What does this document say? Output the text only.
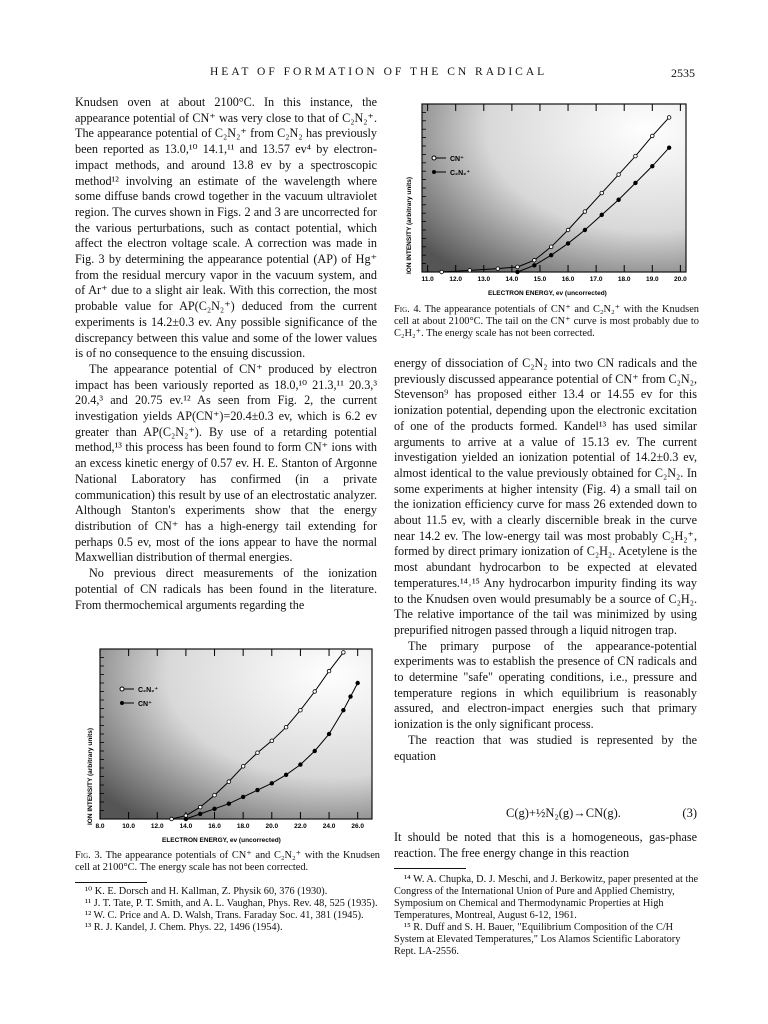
HEAT OF FORMATION OF THE CN RADICAL	2535

Knudsen oven at about 2100°C. In this instance, the appearance potential of CN⁺ was very close to that of C₂N₂⁺. The appearance potential of C₂N₂⁺ from C₂N₂ has previously been reported as 13.0,¹⁰ 14.1,¹¹ and 13.57 ev⁴ by electron-impact methods, and around 13.8 ev by a spectroscopic method¹² involving an estimate of the wavelength where some diffuse bands crowd together in the vacuum ultraviolet region. The curves shown in Figs. 2 and 3 are uncorrected for the various perturbations, such as contact potential, which affect the electron voltage scale. A correction was made in Fig. 3 by determining the appearance potential (AP) of Hg⁺ from the residual mercury vapor in the vacuum system, and of Ar⁺ due to a slight air leak. With this correction, the most probable value for AP(C₂N₂⁺) deduced from the current experiments is 14.2±0.3 ev. Any possible significance of the discrepancy between this value and some of the lower values is of no consequence to the ensuing discussion.

The appearance potential of CN⁺ produced by electron impact has been variously reported as 18.0,¹⁰ 21.3,¹¹ 20.3,³ 20.4,³ and 20.75 ev.¹² As seen from Fig. 2, the current investigation yields AP(CN⁺)=20.4±0.3 ev, which is 6.2 ev greater than AP(C₂N₂⁺). By use of a retarding potential method,¹³ this process has been found to form CN⁺ ions with an excess kinetic energy of 0.57 ev. H. E. Stanton of Argonne National Laboratory has confirmed (in a private communication) this result by use of an electrostatic analyzer. Although Stanton's experiments show that the energy distribution of CN⁺ has a high-energy tail extending for perhaps 0.5 ev, most of the ions appear to have the normal Maxwellian distribution of thermal energies.

No previous direct measurements of the ionization potential of CN radicals has been found in the literature. From thermochemical arguments regarding the

ION INTENSITY (arbitrary units)
11.0 12.0 13.0 14.0 15.0 16.0 17.0 18.0 19.0 20.0
CN⁺
C₂N₂⁺
ELECTRON ENERGY, ev (uncorrected)
Fig. 4. The appearance potentials of CN⁺ and C₂N₂⁺ with the Knudsen cell at about 2100°C. The tail on the CN⁺ curve is most probably due to C₂H₂⁺. The energy scale has not been corrected.

energy of dissociation of C₂N₂ into two CN radicals and the previously discussed appearance potential of CN⁺ from C₂N₂, Stevenson⁹ has proposed either 13.4 or 14.55 ev for this ionization potential, depending upon the electronic excitation of one of the products formed. Kandel¹³ has used similar arguments to arrive at a value of 15.13 ev. The current investigation yielded an ionization potential of 14.2±0.3 ev, almost identical to the value previously obtained for C₂N₂. In some experiments at higher intensity (Fig. 4) a small tail on the ionization efficiency curve for mass 26 extended down to about 11.5 ev, with a clearly discernible break in the curve near 14.2 ev. The low-energy tail was most probably C₂H₂⁺, formed by direct primary ionization of C₂H₂. Acetylene is the most abundant hydrocarbon to be expected at elevated temperatures.¹⁴˒¹⁵ Any hydrocarbon impurity finding its way to the Knudsen oven would presumably be a source of C₂H₂. The relative importance of the tail was minimized by using prepurified nitrogen passed through a liquid nitrogen trap.

The primary purpose of the appearance-potential experiments was to establish the presence of CN radicals and to determine "safe" operating conditions, i.e., pressure and temperature regions in which equilibrium is reasonably assured, and electron-impact energies such that primary ionization is the only significant process.

The reaction that was studied is represented by the equation

C(g)+½N₂(g)→CN(g).	(3)

It should be noted that this is a homogeneous, gas-phase reaction. The free energy change in this reaction

ION INTENSITY (arbitrary units)
8.0	10.0 12.0 14.0 16.0 18.0 20.0 22.0 24.0 26.0
C₂N₂⁺
CN⁺
ELECTRON ENERGY, ev (uncorrected)
Fig. 3. The appearance potentials of CN⁺ and C₂N₂⁺ with the Knudsen cell at 2100°C. The energy scale has not been corrected.

¹⁰ K. E. Dorsch and H. Kallman, Z. Physik 60, 376 (1930).

¹¹ J. T. Tate, P. T. Smith, and A. L. Vaughan, Phys. Rev. 48, 525 (1935).

¹² W. C. Price and A. D. Walsh, Trans. Faraday Soc. 41, 381 (1945).

¹³ R. J. Kandel, J. Chem. Phys. 22, 1496 (1954).

¹⁴ W. A. Chupka, D. J. Meschi, and J. Berkowitz, paper presented at the Congress of the International Union of Pure and Applied Chemistry, Symposium on Chemical and Thermodynamic Properties at High Temperatures, Montreal, August 6-12, 1961.

¹⁵ R. Duff and S. H. Bauer, "Equilibrium Composition of the C/H System at Elevated Temperatures," Los Alamos Scientific Laboratory Rept. LA-2556.
